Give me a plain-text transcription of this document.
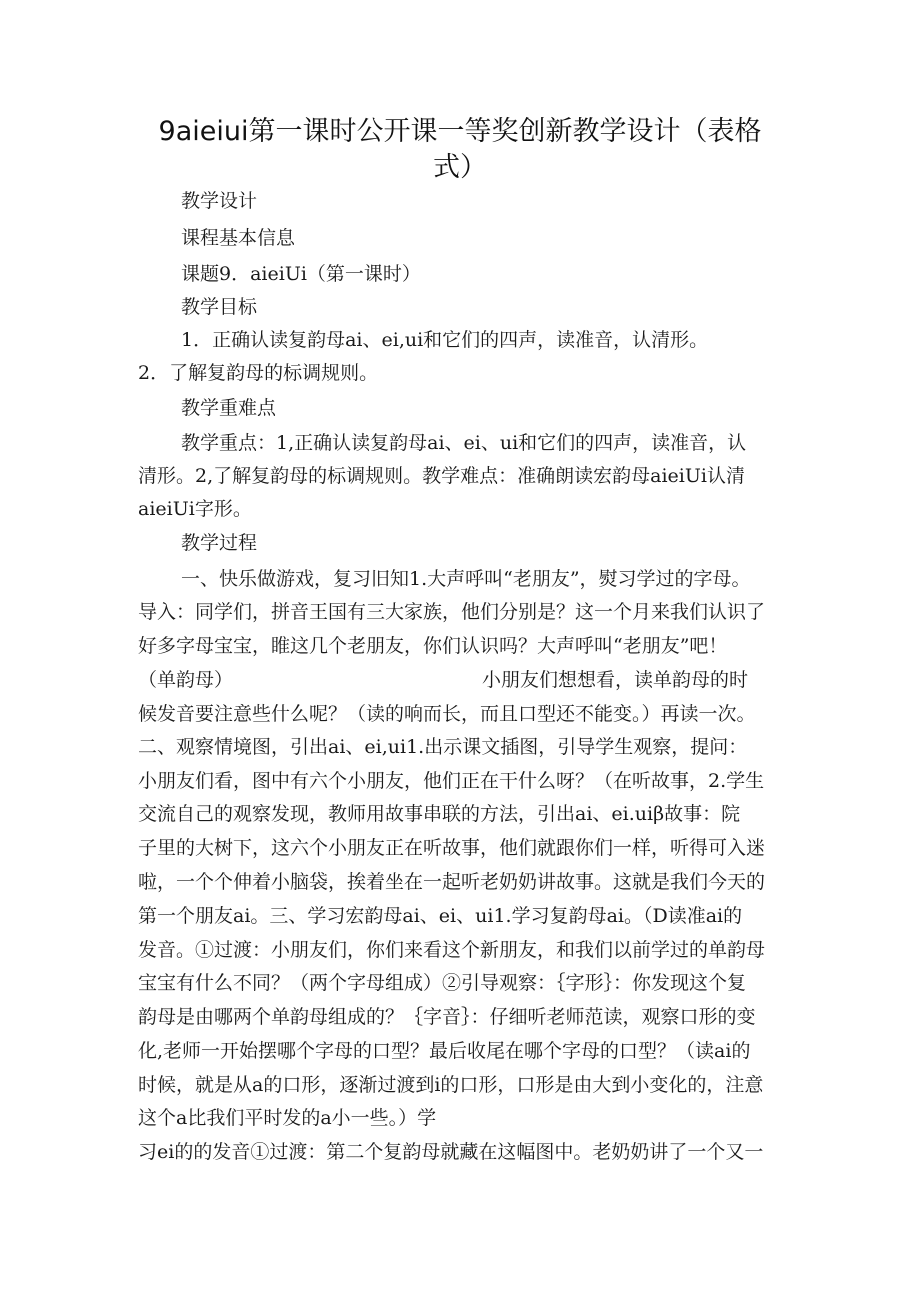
9aieiui第一课时公开课一等奖创新教学设计（表格
式）
教学设计
课程基本信息
课题9．aieiUi（第一课时）
教学目标
1．正确认读复韵母ai、ei,ui和它们的四声，读准音，认清形。
2．了解复韵母的标调规则。
教学重难点
教学重点：1,正确认读复韵母ai、ei、ui和它们的四声，读准音，认
清形。2,了解复韵母的标调规则。教学难点：准确朗读宏韵母aieiUi认清
aieiUi字形。
教学过程
一、快乐做游戏，复习旧知1.大声呼叫“老朋友”，熨习学过的字母。
导入：同学们，拼音王国有三大家族，他们分别是？这一个月来我们认识了
好多字母宝宝，睢这几个老朋友，你们认识吗？大声呼叫“老朋友”吧！
（单韵母）	小朋友们想想看，读单韵母的时
候发音要注意些什么呢？（读的响而长，而且口型还不能变。）再读一次。
二、观察情境图，引出ai、ei,ui1.出示课文插图，引导学生观察，提问：
小朋友们看，图中有六个小朋友，他们正在干什么呀？（在听故事，2.学生
交流自己的观察发现，教师用故事串联的方法，引出ai、ei.uiβ故事：院
子里的大树下，这六个小朋友正在听故事，他们就跟你们一样，听得可入迷
啦，一个个伸着小脑袋，挨着坐在一起听老奶奶讲故事。这就是我们今天的
第一个朋友ai。三、学习宏韵母ai、ei、ui1.学习复韵母ai。（D读准ai的
发音。①过渡：小朋友们，你们来看这个新朋友，和我们以前学过的单韵母
宝宝有什么不同？（两个字母组成）②引导观察：｛字形｝：你发现这个复
韵母是由哪两个单韵母组成的？｛字音｝：仔细听老师范读，观察口形的变
化,老师一开始摆哪个字母的口型？最后收尾在哪个字母的口型？（读ai的
时候，就是从a的口形，逐渐过渡到i的口形，口形是由大到小变化的，注意
这个a比我们平时发的a小一些。）学
习ei的的发音①过渡：第二个复韵母就藏在这幅图中。老奶奶讲了一个又一
